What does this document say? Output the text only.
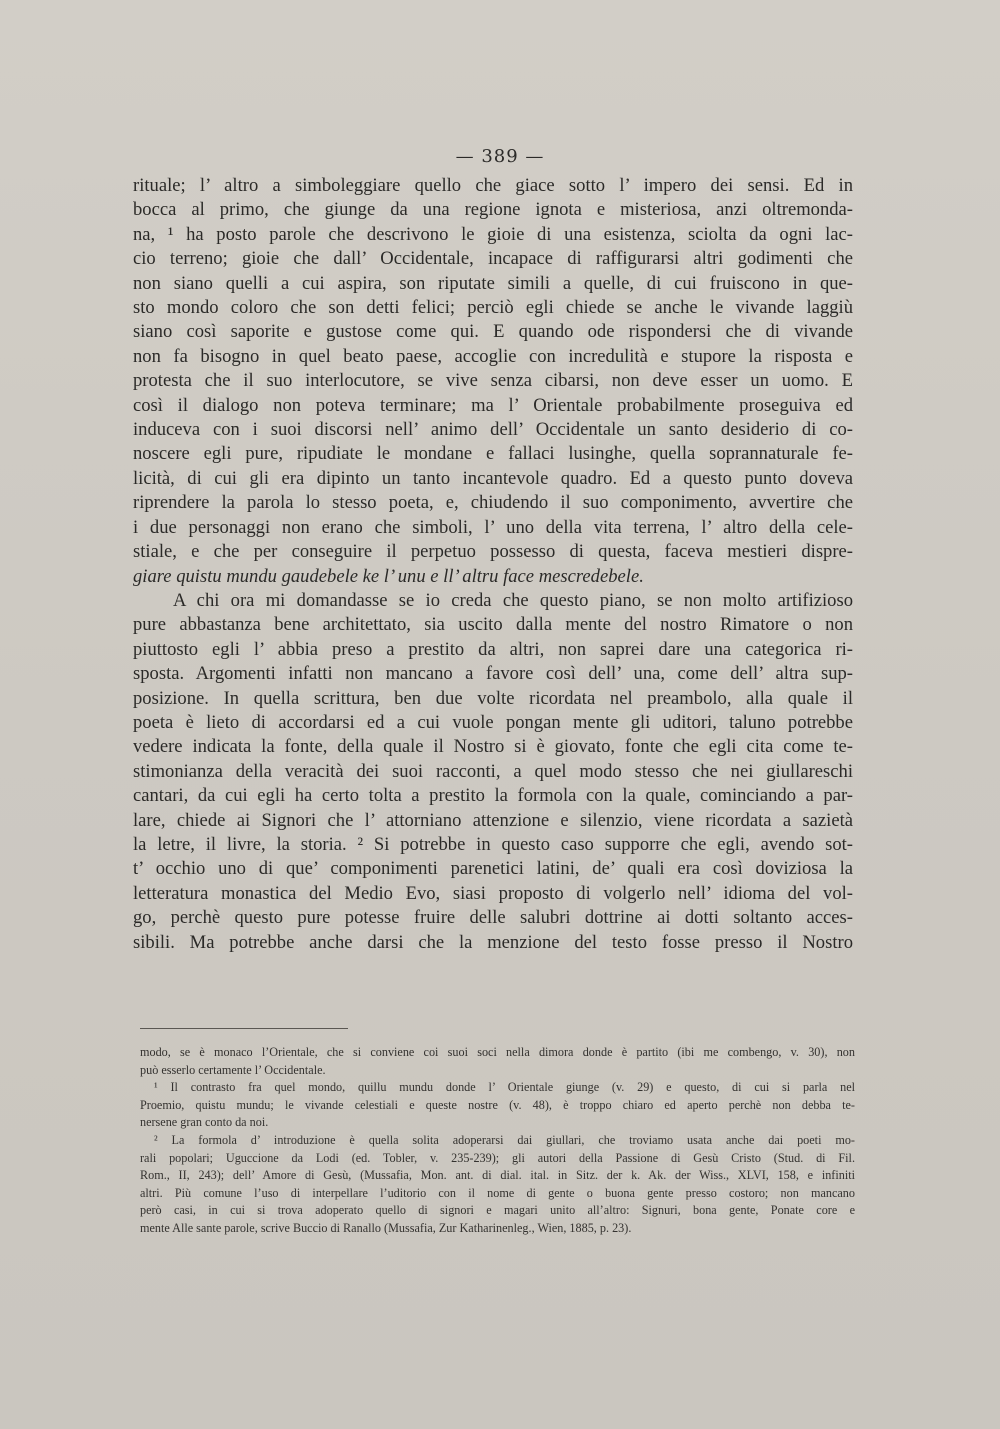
— 389 —
rituale; l’ altro a simboleggiare quello che giace sotto l’ impero dei sensi. Ed in
bocca al primo, che giunge da una regione ignota e misteriosa, anzi oltremonda-
na, ¹ ha posto parole che descrivono le gioie di una esistenza, sciolta da ogni lac-
cio terreno; gioie che dall’ Occidentale, incapace di raffigurarsi altri godimenti che
non siano quelli a cui aspira, son riputate simili a quelle, di cui fruiscono in que-
sto mondo coloro che son detti felici; perciò egli chiede se anche le vivande laggiù
siano così saporite e gustose come qui. E quando ode rispondersi che di vivande
non fa bisogno in quel beato paese, accoglie con incredulità e stupore la risposta e
protesta che il suo interlocutore, se vive senza cibarsi, non deve esser un uomo. E
così il dialogo non poteva terminare; ma l’ Orientale probabilmente proseguiva ed
induceva con i suoi discorsi nell’ animo dell’ Occidentale un santo desiderio di co-
noscere egli pure, ripudiate le mondane e fallaci lusinghe, quella soprannaturale fe-
licità, di cui gli era dipinto un tanto incantevole quadro. Ed a questo punto doveva
riprendere la parola lo stesso poeta, e, chiudendo il suo componimento, avvertire che
i due personaggi non erano che simboli, l’ uno della vita terrena, l’ altro della cele-
stiale, e che per conseguire il perpetuo possesso di questa, faceva mestieri dispre-
giare quistu mundu gaudebele ke l’ unu e ll’ altru face mescredebele.
A chi ora mi domandasse se io creda che questo piano, se non molto artifizioso
pure abbastanza bene architettato, sia uscito dalla mente del nostro Rimatore o non
piuttosto egli l’ abbia preso a prestito da altri, non saprei dare una categorica ri-
sposta. Argomenti infatti non mancano a favore così dell’ una, come dell’ altra sup-
posizione. In quella scrittura, ben due volte ricordata nel preambolo, alla quale il
poeta è lieto di accordarsi ed a cui vuole pongan mente gli uditori, taluno potrebbe
vedere indicata la fonte, della quale il Nostro si è giovato, fonte che egli cita come te-
stimonianza della veracità dei suoi racconti, a quel modo stesso che nei giullareschi
cantari, da cui egli ha certo tolta a prestito la formola con la quale, cominciando a par-
lare, chiede ai Signori che l’ attorniano attenzione e silenzio, viene ricordata a sazietà
la letre, il livre, la storia. ² Si potrebbe in questo caso supporre che egli, avendo sot-
t’ occhio uno di que’ componimenti parenetici latini, de’ quali era così doviziosa la
letteratura monastica del Medio Evo, siasi proposto di volgerlo nell’ idioma del vol-
go, perchè questo pure potesse fruire delle salubri dottrine ai dotti soltanto acces-
sibili. Ma potrebbe anche darsi che la menzione del testo fosse presso il Nostro
modo, se è monaco l’Orientale, che si conviene coi suoi soci nella dimora donde è partito (ibi me combengo, v. 30), non
può esserlo certamente l’ Occidentale.
¹ Il contrasto fra quel mondo, quillu mundu donde l’ Orientale giunge (v. 29) e questo, di cui si parla nel
Proemio, quistu mundu; le vivande celestiali e queste nostre (v. 48), è troppo chiaro ed aperto perchè non debba te-
nersene gran conto da noi.
² La formola d’ introduzione è quella solita adoperarsi dai giullari, che troviamo usata anche dai poeti mo-
rali popolari; Uguccione da Lodi (ed. Tobler, v. 235-239); gli autori della Passione di Gesù Cristo (Stud. di Fil.
Rom., II, 243); dell’ Amore di Gesù, (Mussafia, Mon. ant. di dial. ital. in Sitz. der k. Ak. der Wiss., XLVI, 158, e infiniti
altri. Più comune l’uso di interpellare l’uditorio con il nome di gente o buona gente presso costoro; non mancano
però casi, in cui si trova adoperato quello di signori e magari unito all’altro: Signuri, bona gente, Ponate core e
mente Alle sante parole, scrive Buccio di Ranallo (Mussafia, Zur Katharinenleg., Wien, 1885, p. 23).
